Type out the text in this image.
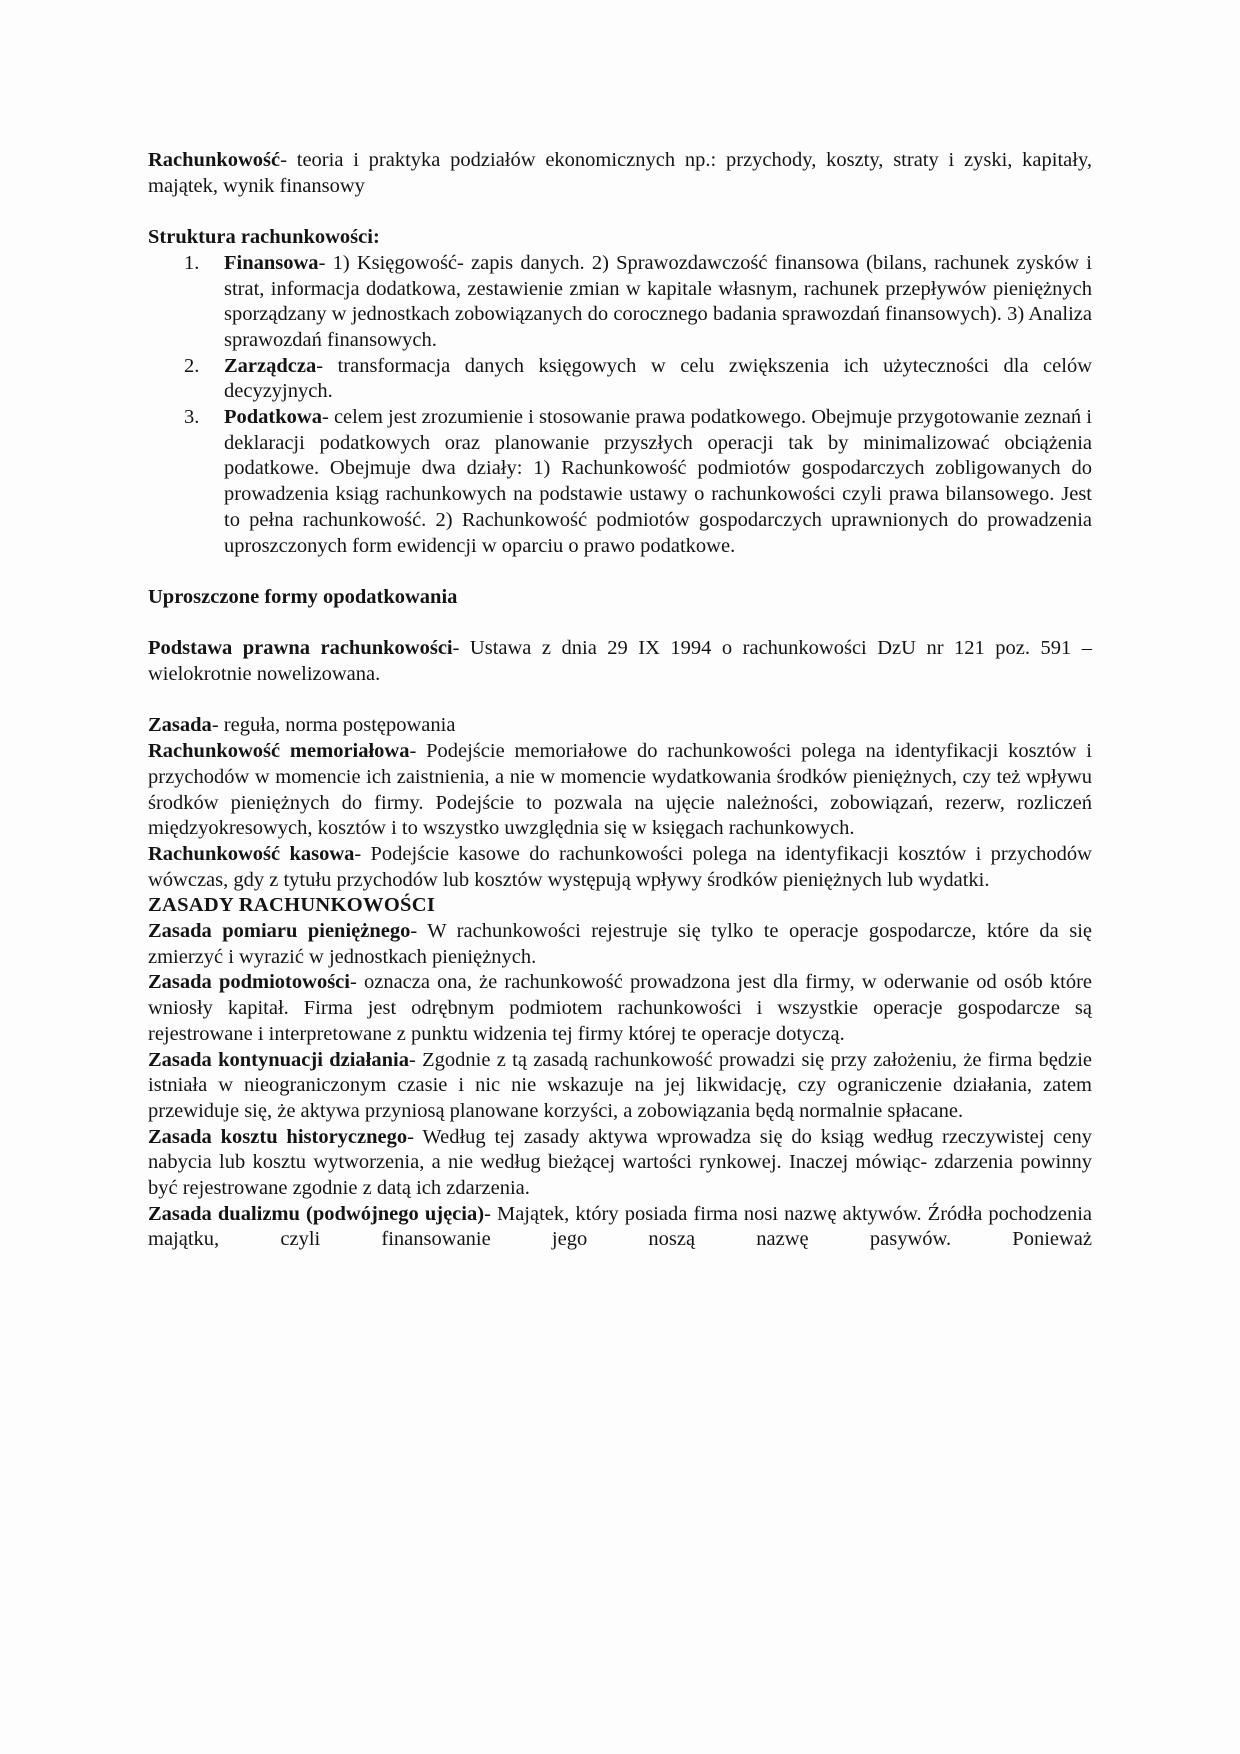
Rachunkowość- teoria i praktyka podziałów ekonomicznych np.: przychody, koszty, straty i zyski, kapitały, majątek, wynik finansowy

Struktura rachunkowości:

1. Finansowa- 1) Księgowość- zapis danych. 2) Sprawozdawczość finansowa (bilans, rachunek zysków i strat, informacja dodatkowa, zestawienie zmian w kapitale własnym, rachunek przepływów pieniężnych sporządzany w jednostkach zobowiązanych do corocznego badania sprawozdań finansowych). 3) Analiza sprawozdań finansowych.
2. Zarządcza- transformacja danych księgowych w celu zwiększenia ich użyteczności dla celów decyzyjnych.
3. Podatkowa- celem jest zrozumienie i stosowanie prawa podatkowego. Obejmuje przygotowanie zeznań i deklaracji podatkowych oraz planowanie przyszłych operacji tak by minimalizować obciążenia podatkowe. Obejmuje dwa działy: 1) Rachunkowość podmiotów gospodarczych zobligowanych do prowadzenia ksiąg rachunkowych na podstawie ustawy o rachunkowości czyli prawa bilansowego. Jest to pełna rachunkowość. 2) Rachunkowość podmiotów gospodarczych uprawnionych do prowadzenia uproszczonych form ewidencji w oparciu o prawo podatkowe.

Uproszczone formy opodatkowania

Podstawa prawna rachunkowości- Ustawa z dnia 29 IX 1994 o rachunkowości DzU nr 121 poz. 591 – wielokrotnie nowelizowana.

Zasada- reguła, norma postępowania

Rachunkowość memoriałowa- Podejście memoriałowe do rachunkowości polega na identyfikacji kosztów i przychodów w momencie ich zaistnienia, a nie w momencie wydatkowania środków pieniężnych, czy też wpływu środków pieniężnych do firmy. Podejście to pozwala na ujęcie należności, zobowiązań, rezerw, rozliczeń międzyokresowych, kosztów i to wszystko uwzględnia się w księgach rachunkowych.

Rachunkowość kasowa- Podejście kasowe do rachunkowości polega na identyfikacji kosztów i przychodów wówczas, gdy z tytułu przychodów lub kosztów występują wpływy środków pieniężnych lub wydatki.

ZASADY RACHUNKOWOŚCI

Zasada pomiaru pieniężnego- W rachunkowości rejestruje się tylko te operacje gospodarcze, które da się zmierzyć i wyrazić w jednostkach pieniężnych.

Zasada podmiotowości- oznacza ona, że rachunkowość prowadzona jest dla firmy, w oderwanie od osób które wniosły kapitał. Firma jest odrębnym podmiotem rachunkowości i wszystkie operacje gospodarcze są rejestrowane i interpretowane z punktu widzenia tej firmy której te operacje dotyczą.

Zasada kontynuacji działania- Zgodnie z tą zasadą rachunkowość prowadzi się przy założeniu, że firma będzie istniała w nieograniczonym czasie i nic nie wskazuje na jej likwidację, czy ograniczenie działania, zatem przewiduje się, że aktywa przyniosą planowane korzyści, a zobowiązania będą normalnie spłacane.

Zasada kosztu historycznego- Według tej zasady aktywa wprowadza się do ksiąg według rzeczywistej ceny nabycia lub kosztu wytworzenia, a nie według bieżącej wartości rynkowej. Inaczej mówiąc- zdarzenia powinny być rejestrowane zgodnie z datą ich zdarzenia.

Zasada dualizmu (podwójnego ujęcia)- Majątek, który posiada firma nosi nazwę aktywów. Źródła pochodzenia majątku, czyli finansowanie jego noszą nazwę pasywów. Ponieważ
